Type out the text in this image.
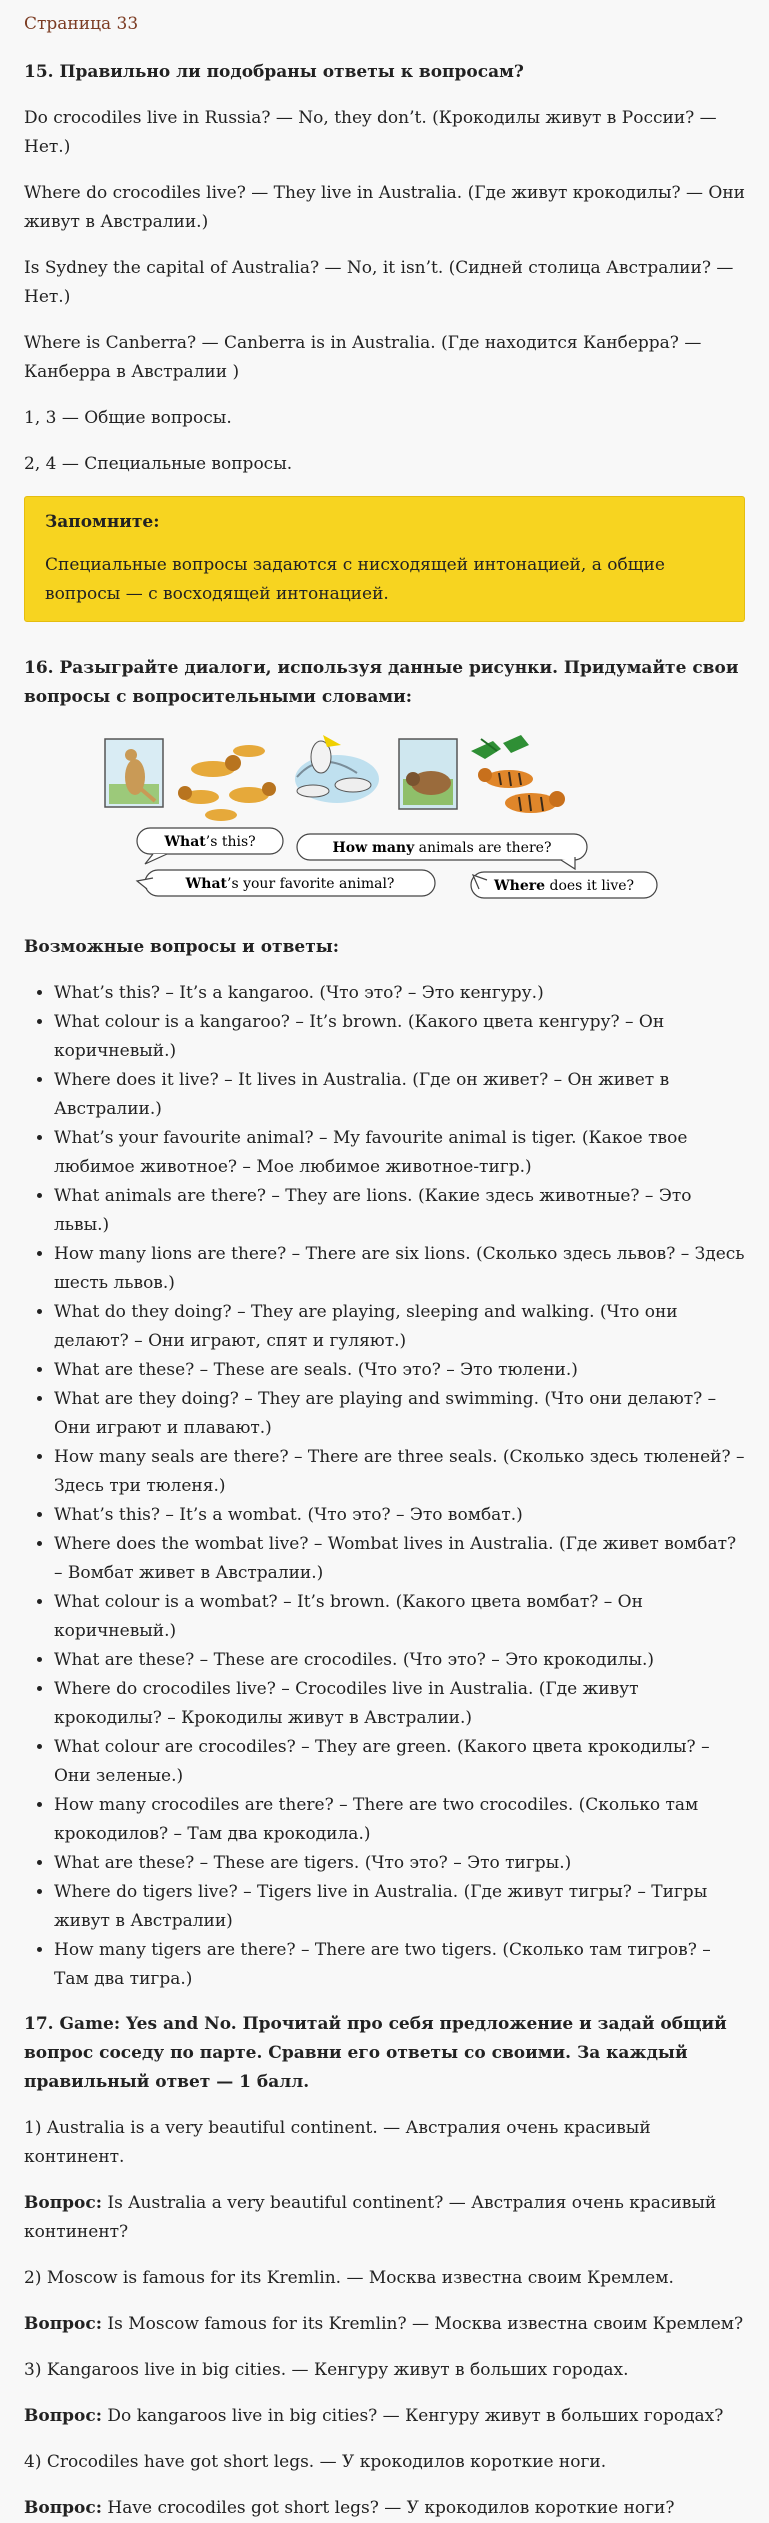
Страница 33

15. Правильно ли подобраны ответы к вопросам?

Do crocodiles live in Russia? — No, they don’t. (Крокодилы живут в России? — Нет.)

Where do crocodiles live? — They live in Australia. (Где живут крокодилы? — Они живут в Австралии.)

Is Sydney the capital of Australia? — No, it isn’t. (Сидней столица Австралии? — Нет.)

Where is Canberra? — Canberra is in Australia. (Где находится Канберра? — Канберра в Австралии )

1, 3 — Общие вопросы.

2, 4 — Специальные вопросы.

Запомните:

Специальные вопросы задаются с нисходящей интонацией, а общие вопросы — с восходящей интонацией.

16. Разыграйте диалоги, используя данные рисунки. Придумайте свои вопросы с вопросительными словами:

What’s this?	How many animals are there?
What’s your favorite animal?	Where does it live?

Возможные вопросы и ответы:

• What’s this? – It’s a kangaroo. (Что это? – Это кенгуру.)
• What colour is a kangaroo? – It’s brown. (Какого цвета кенгуру? – Он коричневый.)
• Where does it live? – It lives in Australia. (Где он живет? – Он живет в Австралии.)
• What’s your favourite animal? – My favourite animal is tiger. (Какое твое любимое животное? – Мое любимое животное-тигр.)
• What animals are there? – They are lions. (Какие здесь животные? – Это львы.)
• How many lions are there? – There are six lions. (Сколько здесь львов? – Здесь шесть львов.)
• What do they doing? – They are playing, sleeping and walking. (Что они делают? – Они играют, спят и гуляют.)
• What are these? – These are seals. (Что это? – Это тюлени.)
• What are they doing? – They are playing and swimming. (Что они делают? – Они играют и плавают.)
• How many seals are there? – There are three seals. (Сколько здесь тюленей? – Здесь три тюленя.)
• What’s this? – It’s a wombat. (Что это? – Это вомбат.)
• Where does the wombat live? – Wombat lives in Australia. (Где живет вомбат? – Вомбат живет в Австралии.)
• What colour is a wombat? – It’s brown. (Какого цвета вомбат? – Он коричневый.)
• What are these? – These are crocodiles. (Что это? – Это крокодилы.)
• Where do crocodiles live? – Crocodiles live in Australia. (Где живут крокодилы? – Крокодилы живут в Австралии.)
• What colour are crocodiles? – They are green. (Какого цвета крокодилы? – Они зеленые.)
• How many crocodiles are there? – There are two crocodiles. (Сколько там крокодилов? – Там два крокодила.)
• What are these? – These are tigers. (Что это? – Это тигры.)
• Where do tigers live? – Tigers live in Australia. (Где живут тигры? – Тигры живут в Австралии)
• How many tigers are there? – There are two tigers. (Сколько там тигров? – Там два тигра.)

17. Game: Yes and No. Прочитай про себя предложение и задай общий вопрос соседу по парте. Сравни его ответы со своими. За каждый правильный ответ — 1 балл.

1) Australia is a very beautiful continent. — Австралия очень красивый континент.

Вопрос: Is Australia a very beautiful continent? — Австралия очень красивый континент?

2) Moscow is famous for its Kremlin. — Москва известна своим Кремлем.

Вопрос: Is Moscow famous for its Kremlin? — Москва известна своим Кремлем?

3) Kangaroos live in big cities. — Кенгуру живут в больших городах.

Вопрос: Do kangaroos live in big cities? — Кенгуру живут в больших городах?

4) Crocodiles have got short legs. — У крокодилов короткие ноги.

Вопрос: Have crocodiles got short legs? — У крокодилов короткие ноги?
